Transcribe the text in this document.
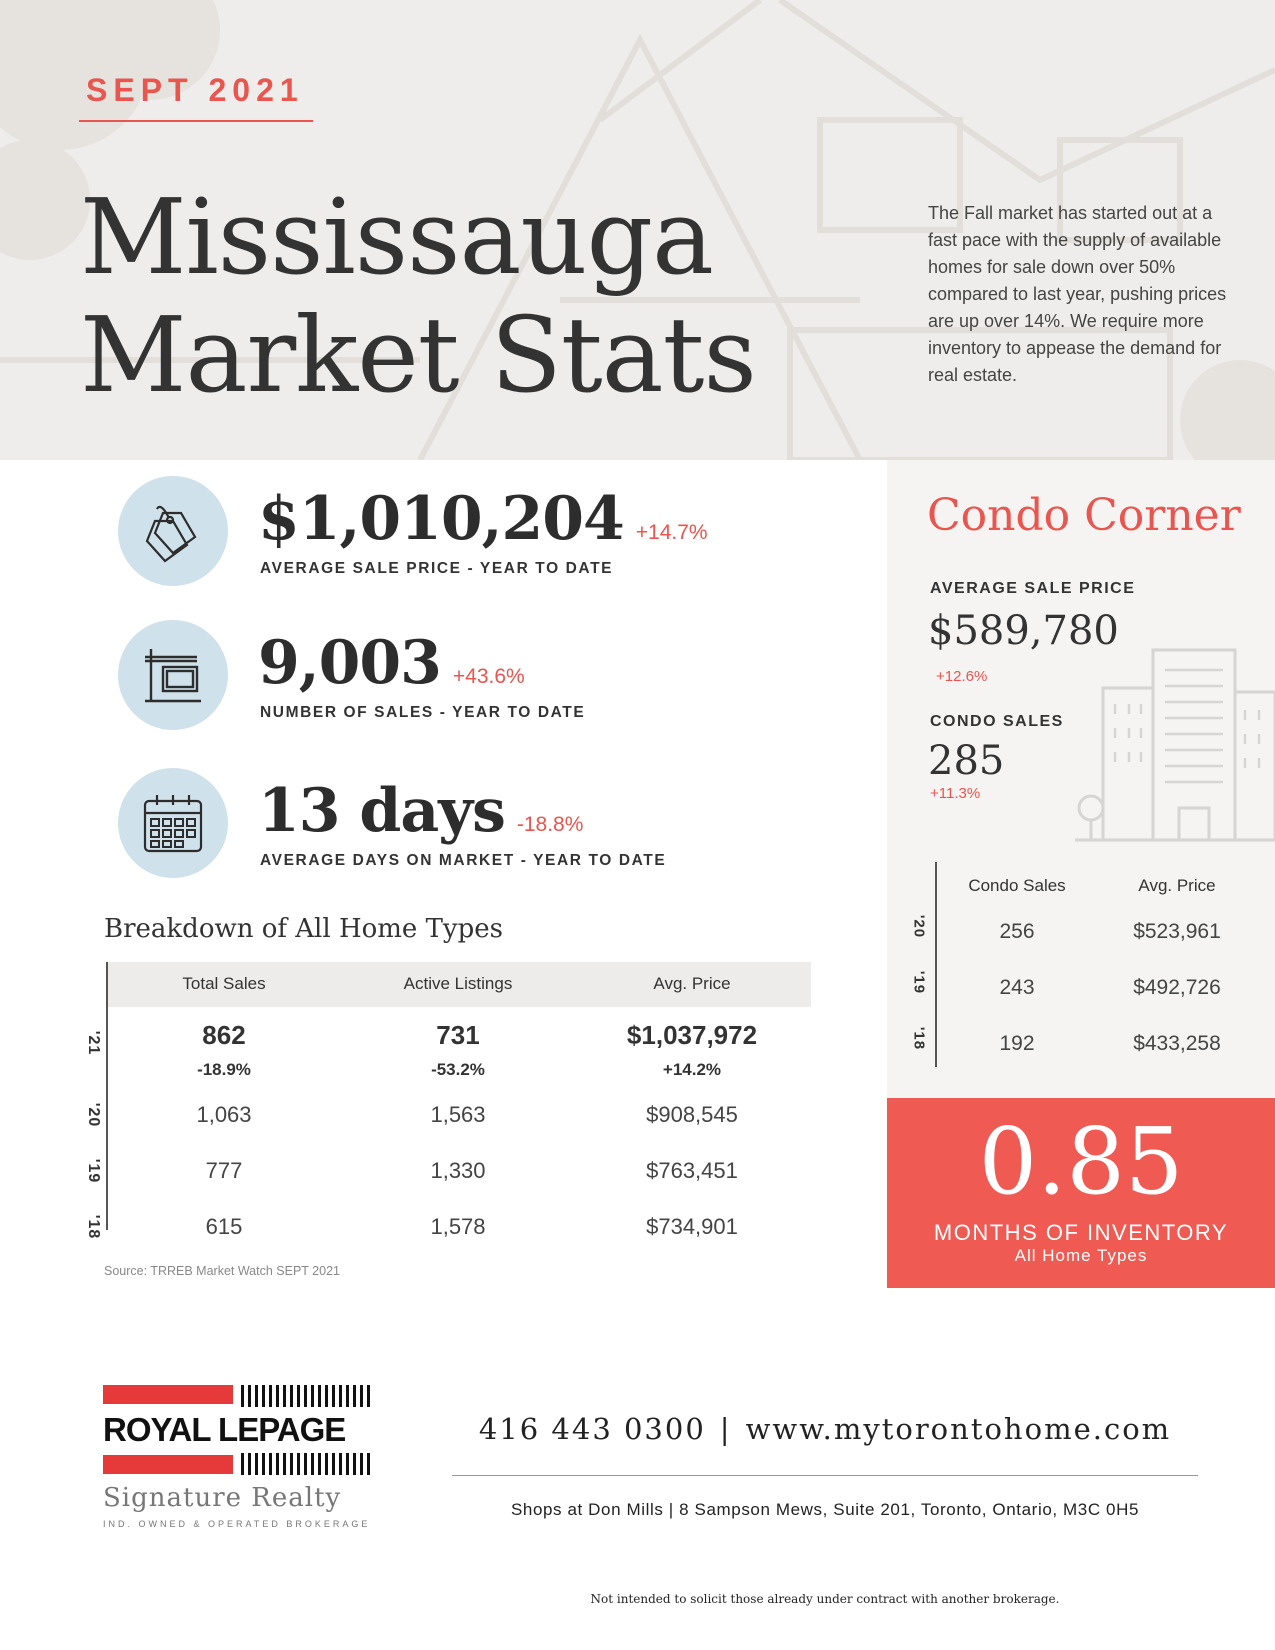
SEPT 2021
Mississauga
Market Stats
The Fall market has started out at a fast pace with the supply of available homes for sale down over 50% compared to last year, pushing prices are up over 14%. We require more inventory to appease the demand for real estate.
$1,010,204 +14.7%
AVERAGE SALE PRICE - YEAR TO DATE
9,003 +43.6%
NUMBER OF SALES - YEAR TO DATE
13 days -18.8%
AVERAGE DAYS ON MARKET - YEAR TO DATE
Breakdown of All Home Types
Total Sales	Active Listings	Avg. Price
'21	862	731	$1,037,972
-18.9%	-53.2%	+14.2%
'20	1,063	1,563	$908,545
'19	777	1,330	$763,451
'18	615	1,578	$734,901
Source: TRREB Market Watch SEPT 2021
Condo Corner
AVERAGE SALE PRICE
$589,780
+12.6%
CONDO SALES
285
+11.3%
Condo Sales	Avg. Price
'20	256	$523,961
'19	243	$492,726
'18	192	$433,258
0.85
MONTHS OF INVENTORY
All Home Types
ROYAL LEPAGE
Signature Realty
IND. OWNED & OPERATED BROKERAGE
416 443 0300 | www.mytorontohome.com
Shops at Don Mills | 8 Sampson Mews, Suite 201, Toronto, Ontario, M3C 0H5
Not intended to solicit those already under contract with another brokerage.
